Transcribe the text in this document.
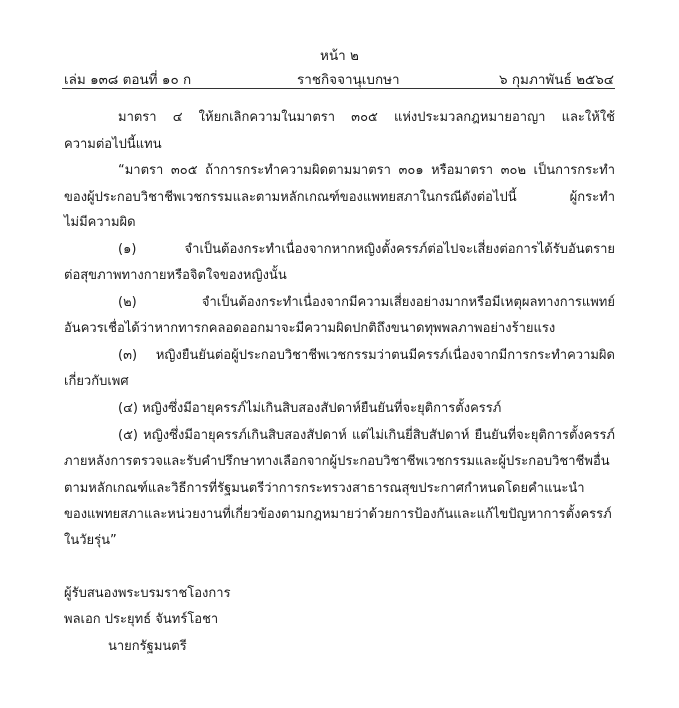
หน้า ๒
เล่ม ๑๓๘ ตอนที่ ๑๐ ก	ราชกิจจานุเบกษา	๖ กุมภาพันธ์ ๒๕๖๔
มาตรา ๔ ให้ยกเลิกความในมาตรา ๓๐๕ แห่งประมวลกฎหมายอาญา และให้ใช้
ความต่อไปนี้แทน
“มาตรา ๓๐๕ ถ้าการกระทำความผิดตามมาตรา ๓๐๑ หรือมาตรา ๓๐๒ เป็นการกระทำ
ของผู้ประกอบวิชาชีพเวชกรรมและตามหลักเกณฑ์ของแพทยสภาในกรณีดังต่อไปนี้ ผู้กระทำ
ไม่มีความผิด
(๑) จำเป็นต้องกระทำเนื่องจากหากหญิงตั้งครรภ์ต่อไปจะเสี่ยงต่อการได้รับอันตราย
ต่อสุขภาพทางกายหรือจิตใจของหญิงนั้น
(๒) จำเป็นต้องกระทำเนื่องจากมีความเสี่ยงอย่างมากหรือมีเหตุผลทางการแพทย์
อันควรเชื่อได้ว่าหากทารกคลอดออกมาจะมีความผิดปกติถึงขนาดทุพพลภาพอย่างร้ายแรง
(๓) หญิงยืนยันต่อผู้ประกอบวิชาชีพเวชกรรมว่าตนมีครรภ์เนื่องจากมีการกระทำความผิด
เกี่ยวกับเพศ
(๔) หญิงซึ่งมีอายุครรภ์ไม่เกินสิบสองสัปดาห์ยืนยันที่จะยุติการตั้งครรภ์
(๕) หญิงซึ่งมีอายุครรภ์เกินสิบสองสัปดาห์ แต่ไม่เกินยี่สิบสัปดาห์ ยืนยันที่จะยุติการตั้งครรภ์
ภายหลังการตรวจและรับคำปรึกษาทางเลือกจากผู้ประกอบวิชาชีพเวชกรรมและผู้ประกอบวิชาชีพอื่น
ตามหลักเกณฑ์และวิธีการที่รัฐมนตรีว่าการกระทรวงสาธารณสุขประกาศกำหนดโดยคำแนะนำ
ของแพทยสภาและหน่วยงานที่เกี่ยวข้องตามกฎหมายว่าด้วยการป้องกันและแก้ไขปัญหาการตั้งครรภ์
ในวัยรุ่น”
ผู้รับสนองพระบรมราชโองการ
พลเอก ประยุทธ์ จันทร์โอชา
นายกรัฐมนตรี
